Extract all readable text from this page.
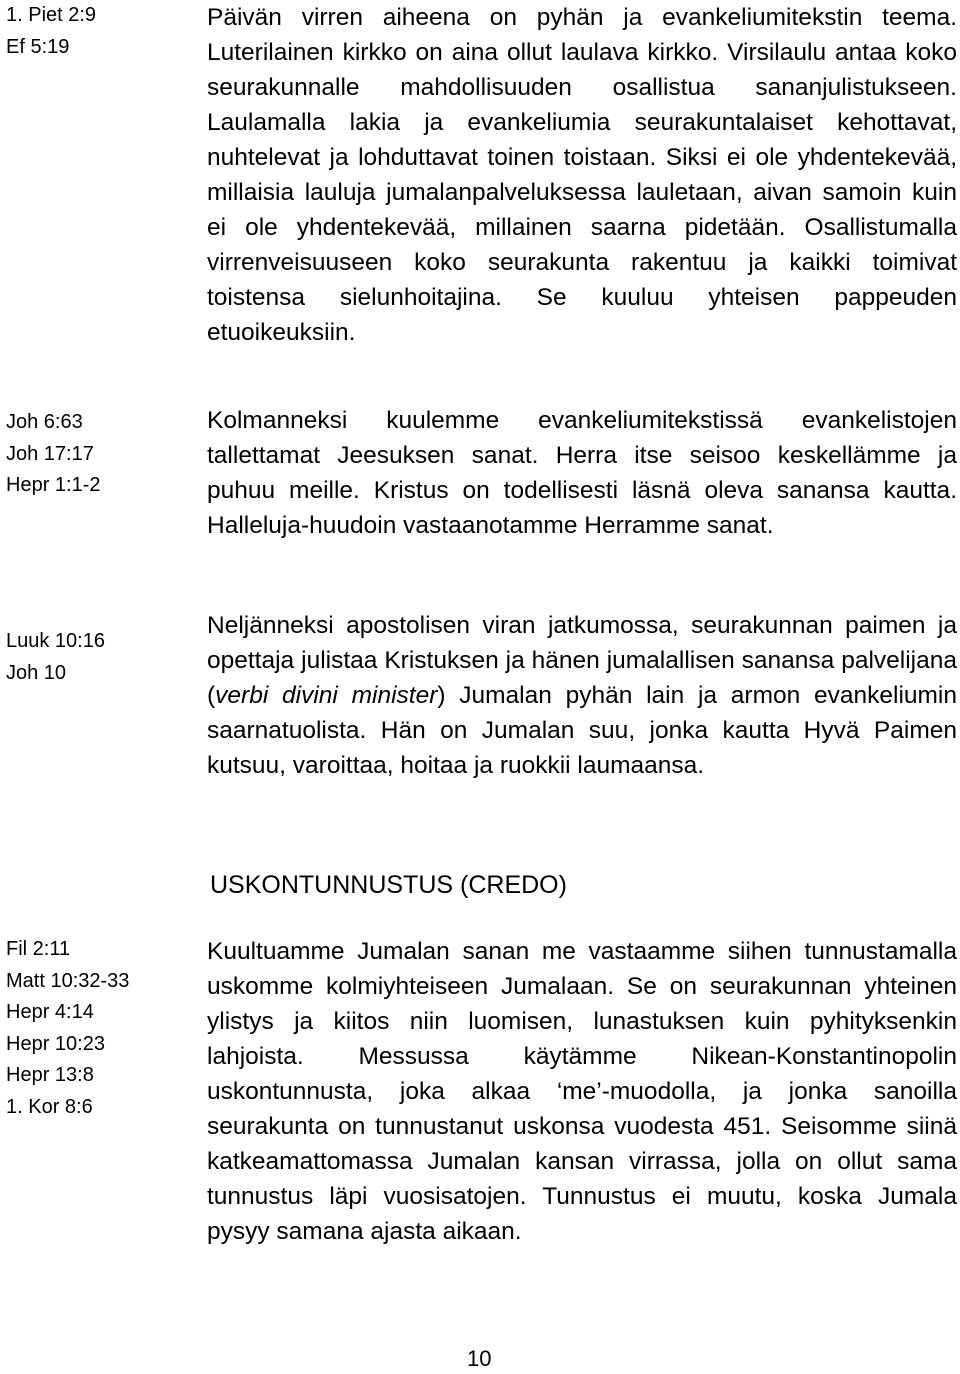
1. Piet 2:9
Ef 5:19
Joh 6:63
Joh 17:17
Hepr 1:1-2
Luuk 10:16
Joh 10
Fil 2:11
Matt 10:32-33
Hepr 4:14
Hepr 10:23
Hepr 13:8
1. Kor 8:6

Päivän virren aiheena on pyhän ja evankeliumitekstin teema. Luterilainen kirkko on aina ollut laulava kirkko. Virsilaulu antaa koko seurakunnalle mahdollisuuden osallistua sananjulistukseen. Laulamalla lakia ja evankeliumia seurakuntalaiset kehottavat, nuhtelevat ja lohduttavat toinen toistaan. Siksi ei ole yhdentekevää, millaisia lauluja jumalanpalveluksessa lauletaan, aivan samoin kuin ei ole yhdentekevää, millainen saarna pidetään. Osallistumalla virrenveisuuseen koko seurakunta rakentuu ja kaikki toimivat toistensa sielunhoitajina. Se kuuluu yhteisen pappeuden etuoikeuksiin.

Kolmanneksi kuulemme evankeliumitekstissä evankelistojen tallettamat Jeesuksen sanat. Herra itse seisoo keskellämme ja puhuu meille. Kristus on todellisesti läsnä oleva sanansa kautta. Halleluja-huudoin vastaanotamme Herramme sanat.

Neljänneksi apostolisen viran jatkumossa, seurakunnan paimen ja opettaja julistaa Kristuksen ja hänen jumalallisen sanansa palvelijana (verbi divini minister) Jumalan pyhän lain ja armon evankeliumin saarnatuolista. Hän on Jumalan suu, jonka kautta Hyvä Paimen kutsuu, varoittaa, hoitaa ja ruokkii laumaansa.

USKONTUNNUSTUS (CREDO)

Kuultuamme Jumalan sanan me vastaamme siihen tunnustamalla uskomme kolmiyhteiseen Jumalaan. Se on seurakunnan yhteinen ylistys ja kiitos niin luomisen, lunastuksen kuin pyhityksenkin lahjoista. Messussa käytämme Nikean-Konstantinopolin uskontunnusta, joka alkaa ‘me’-muodolla, ja jonka sanoilla seurakunta on tunnustanut uskonsa vuodesta 451. Seisomme siinä katkeamattomassa Jumalan kansan virrassa, jolla on ollut sama tunnustus läpi vuosisatojen. Tunnustus ei muutu, koska Jumala pysyy samana ajasta aikaan.

10
